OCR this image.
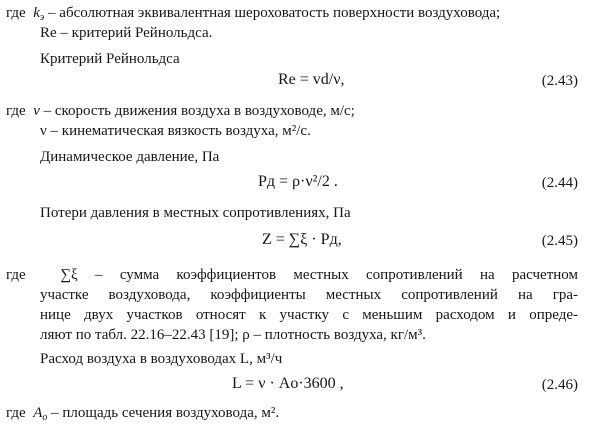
где $k_э$ – абсолютная эквивалентная шероховатость поверхности воздуховода;
Re – критерий Рейнольдса.
Критерий Рейнольдса
Re = vd/ν,	(2.43)
где ν – скорость движения воздуха в воздуховоде, м/с;
ν – кинематическая вязкость воздуха, м²/с.
Динамическое давление, Па
Pд = ρ·ν²/2 .	(2.44)
Потери давления в местных сопротивлениях, Па
Z = ∑ξ · Pд,	(2.45)
где ∑ξ – сумма коэффициентов местных сопротивлений на расчетном
участке воздуховода, коэффициенты местных сопротивлений на гра-
нице двух участков относят к участку с меньшим расходом и опреде-
ляют по табл. 22.16–22.43 [19]; ρ – плотность воздуха, кг/м³.
Расход воздуха в воздуховодах L, м³/ч
L = ν · Aо·3600 ,	(2.46)
где $A_о$ – площадь сечения воздуховода, м².
